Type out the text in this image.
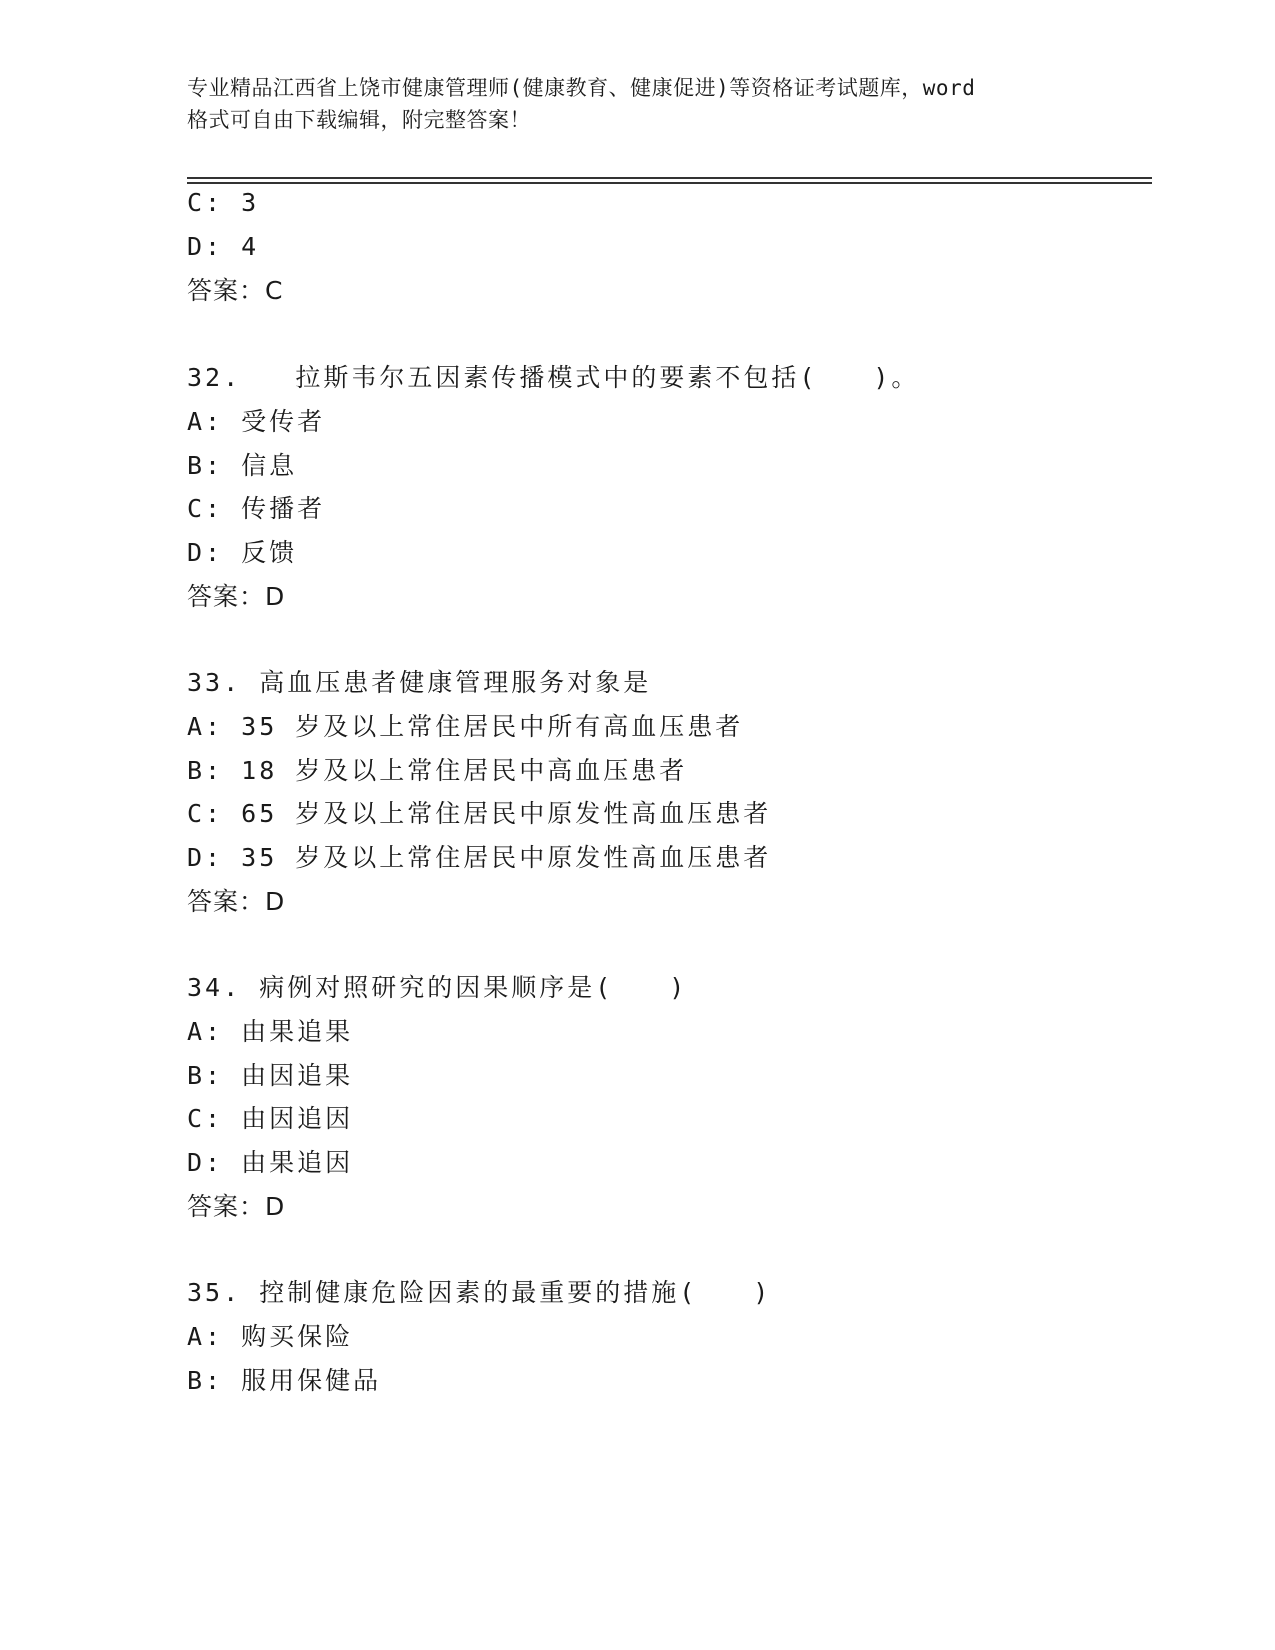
专业精品江西省上饶市健康管理师(健康教育、健康促进)等资格证考试题库，word
格式可自由下载编辑，附完整答案！
C: 3
D: 4
答案：C
32. 拉斯韦尔五因素传播模式中的要素不包括(　　)。
A: 受传者
B: 信息
C: 传播者
D: 反馈
答案：D
33. 高血压患者健康管理服务对象是
A: 35 岁及以上常住居民中所有高血压患者
B: 18 岁及以上常住居民中高血压患者
C: 65 岁及以上常住居民中原发性高血压患者
D: 35 岁及以上常住居民中原发性高血压患者
答案：D
34. 病例对照研究的因果顺序是(　　)
A: 由果追果
B: 由因追果
C: 由因追因
D: 由果追因
答案：D
35. 控制健康危险因素的最重要的措施(　　)
A: 购买保险
B: 服用保健品
